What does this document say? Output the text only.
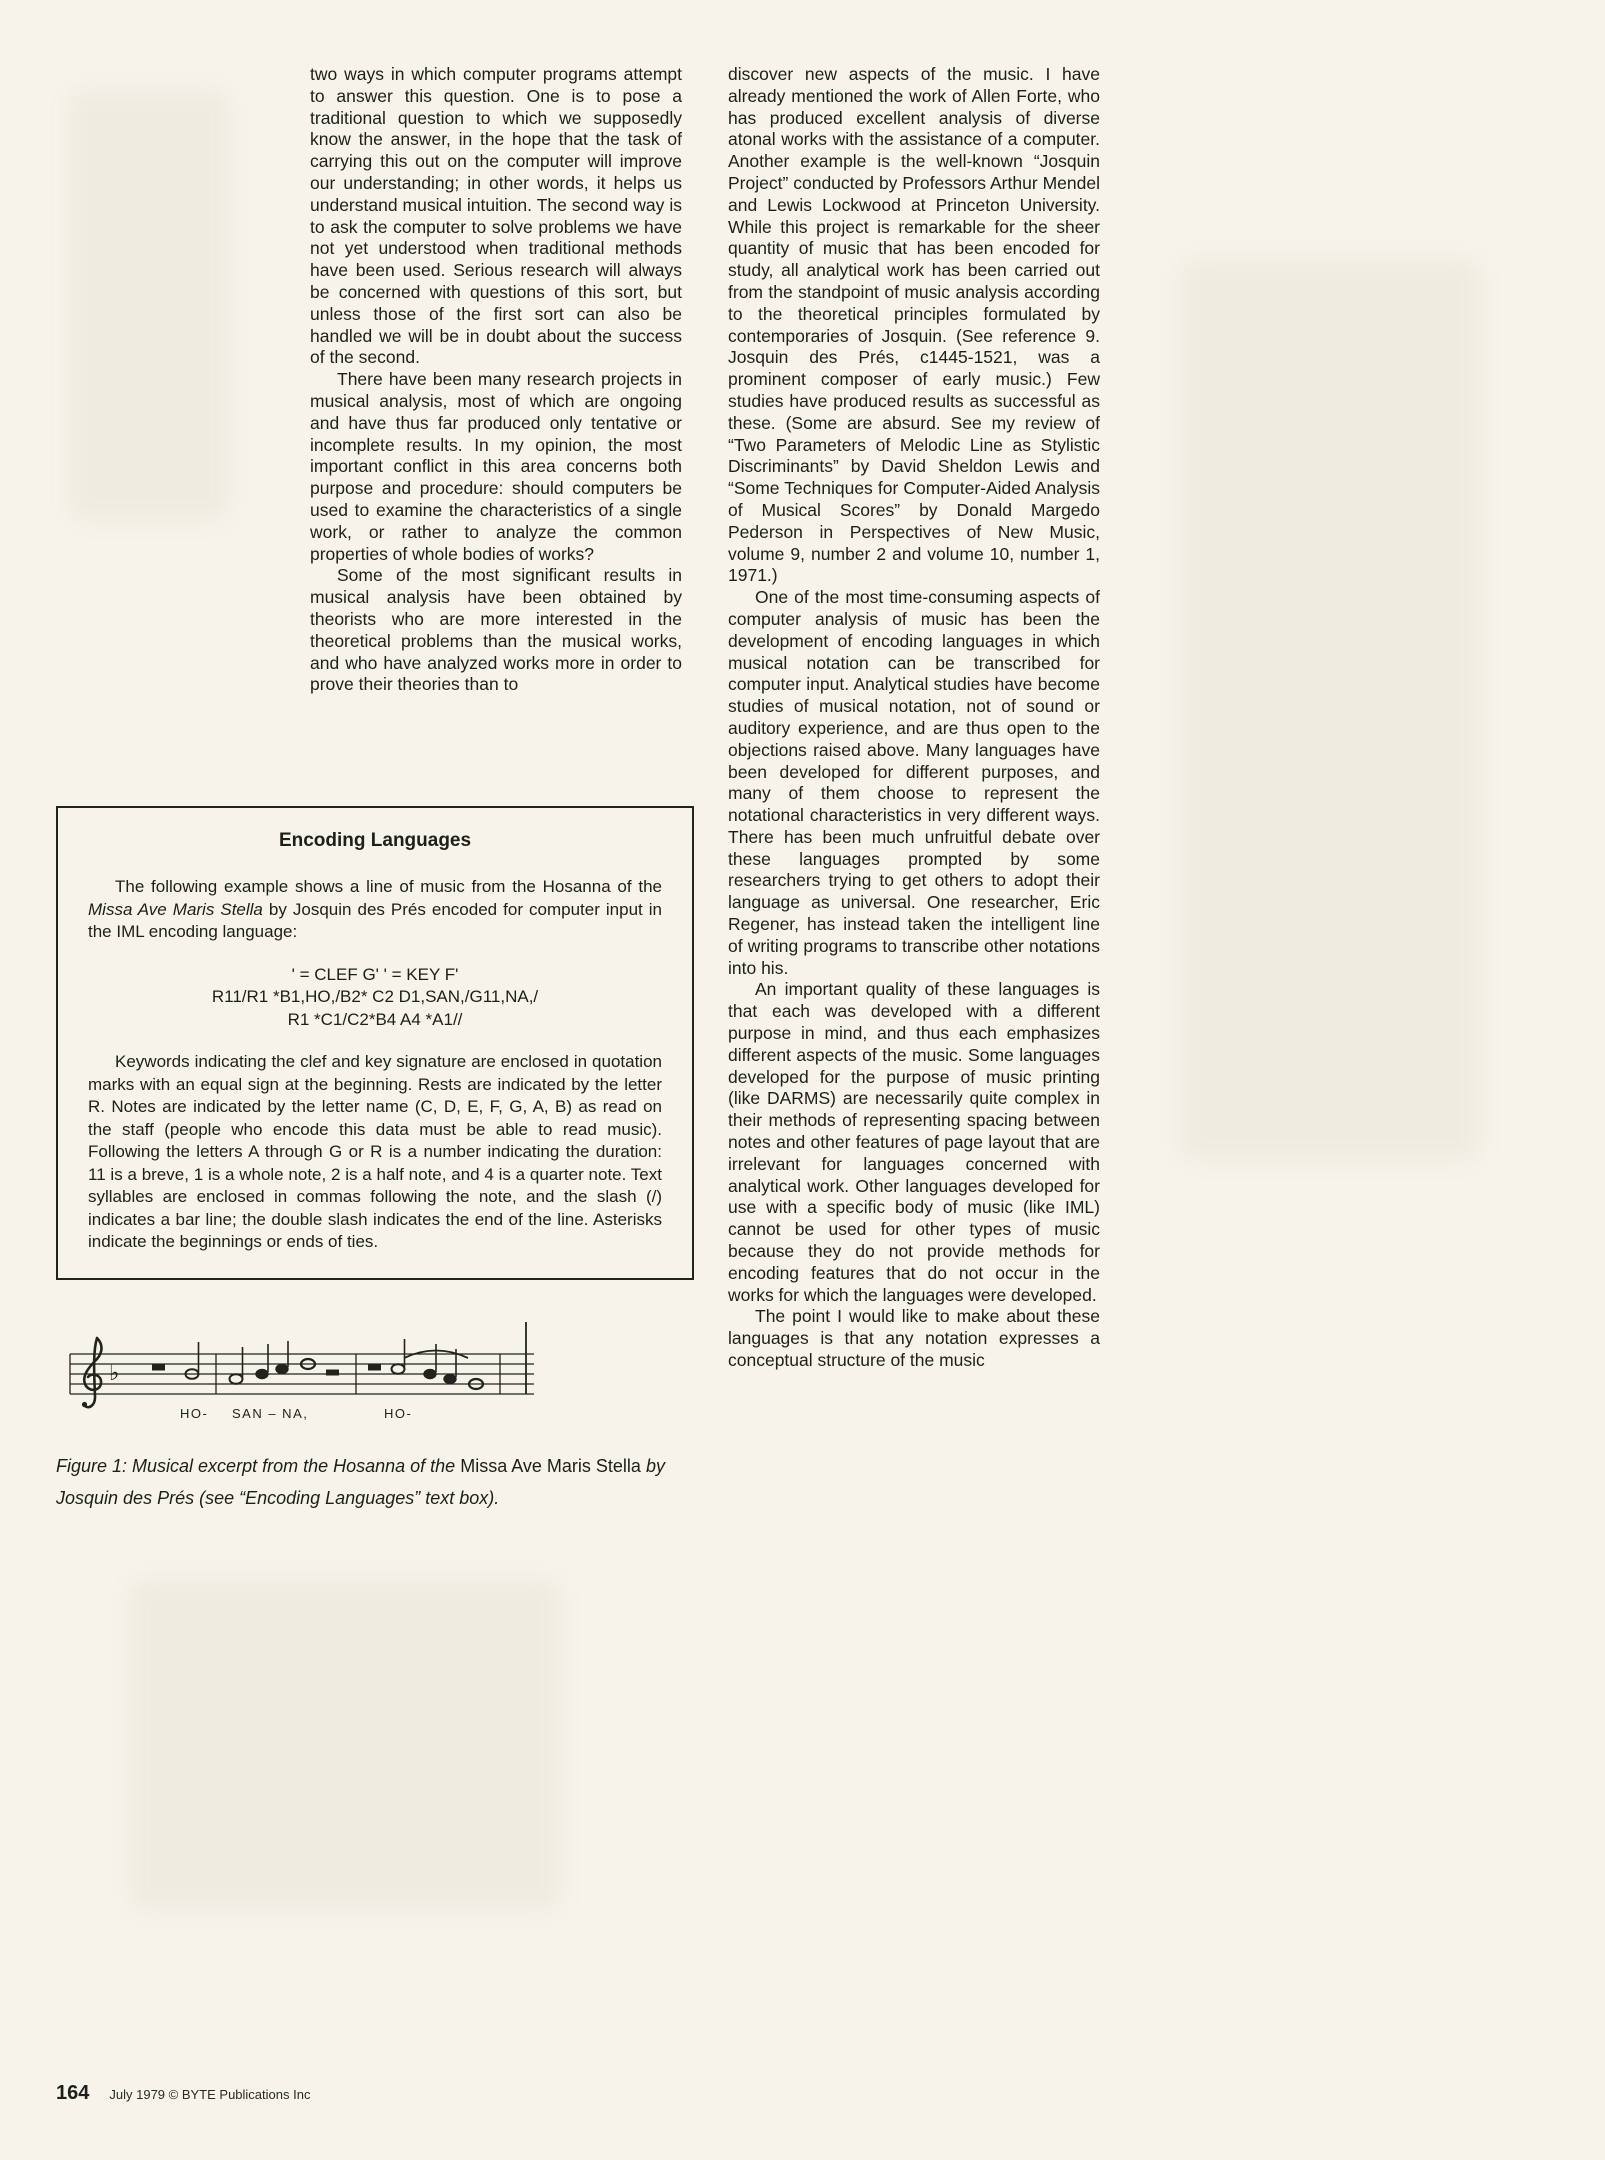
two ways in which computer programs attempt to answer this question. One is to pose a traditional question to which we supposedly know the answer, in the hope that the task of carrying this out on the computer will improve our understanding; in other words, it helps us understand musical intuition. The second way is to ask the computer to solve problems we have not yet understood when traditional methods have been used. Serious research will always be concerned with questions of this sort, but unless those of the first sort can also be handled we will be in doubt about the success of the second.

There have been many research projects in musical analysis, most of which are ongoing and have thus far produced only tentative or incomplete results. In my opinion, the most important conflict in this area concerns both purpose and procedure: should computers be used to examine the characteristics of a single work, or rather to analyze the common properties of whole bodies of works?

Some of the most significant results in musical analysis have been obtained by theorists who are more interested in the theoretical problems than the musical works, and who have analyzed works more in order to prove their theories than to

discover new aspects of the music. I have already mentioned the work of Allen Forte, who has produced excellent analysis of diverse atonal works with the assistance of a computer. Another example is the well-known “Josquin Project” conducted by Professors Arthur Mendel and Lewis Lockwood at Princeton University. While this project is remarkable for the sheer quantity of music that has been encoded for study, all analytical work has been carried out from the standpoint of music analysis according to the theoretical principles formulated by contemporaries of Josquin. (See reference 9. Josquin des Prés, c1445-1521, was a prominent composer of early music.) Few studies have produced results as successful as these. (Some are absurd. See my review of “Two Parameters of Melodic Line as Stylistic Discriminants” by David Sheldon Lewis and “Some Techniques for Computer-Aided Analysis of Musical Scores” by Donald Margedo Pederson in Perspectives of New Music, volume 9, number 2 and volume 10, number 1, 1971.)

One of the most time-consuming aspects of computer analysis of music has been the development of encoding languages in which musical notation can be transcribed for computer input. Analytical studies have become studies of musical notation, not of sound or auditory experience, and are thus open to the objections raised above. Many languages have been developed for different purposes, and many of them choose to represent the notational characteristics in very different ways. There has been much unfruitful debate over these languages prompted by some researchers trying to get others to adopt their language as universal. One researcher, Eric Regener, has instead taken the intelligent line of writing programs to transcribe other notations into his.

An important quality of these languages is that each was developed with a different purpose in mind, and thus each emphasizes different aspects of the music. Some languages developed for the purpose of music printing (like DARMS) are necessarily quite complex in their methods of representing spacing between notes and other features of page layout that are irrelevant for languages concerned with analytical work. Other languages developed for use with a specific body of music (like IML) cannot be used for other types of music because they do not provide methods for encoding features that do not occur in the works for which the languages were developed.

The point I would like to make about these languages is that any notation expresses a conceptual structure of the music

Encoding Languages

The following example shows a line of music from the Hosanna of the Missa Ave Maris Stella by Josquin des Prés encoded for computer input in the IML encoding language:

' = CLEF G' ' = KEY F'
R11/R1 *B1,HO,/B2* C2 D1,SAN,/G11,NA,/
R1 *C1/C2*B4 A4 *A1//

Keywords indicating the clef and key signature are enclosed in quotation marks with an equal sign at the beginning. Rests are indicated by the letter R. Notes are indicated by the letter name (C, D, E, F, G, A, B) as read on the staff (people who encode this data must be able to read music). Following the letters A through G or R is a number indicating the duration: 11 is a breve, 1 is a whole note, 2 is a half note, and 4 is a quarter note. Text syllables are enclosed in commas following the note, and the slash (/) indicates a bar line; the double slash indicates the end of the line. Asterisks indicate the beginnings or ends of ties.

♭
HO- SAN – NA,	HO-

Figure 1: Musical excerpt from the Hosanna of the Missa Ave Maris Stella by Josquin des Prés (see “Encoding Languages” text box).

164 July 1979 © BYTE Publications Inc
